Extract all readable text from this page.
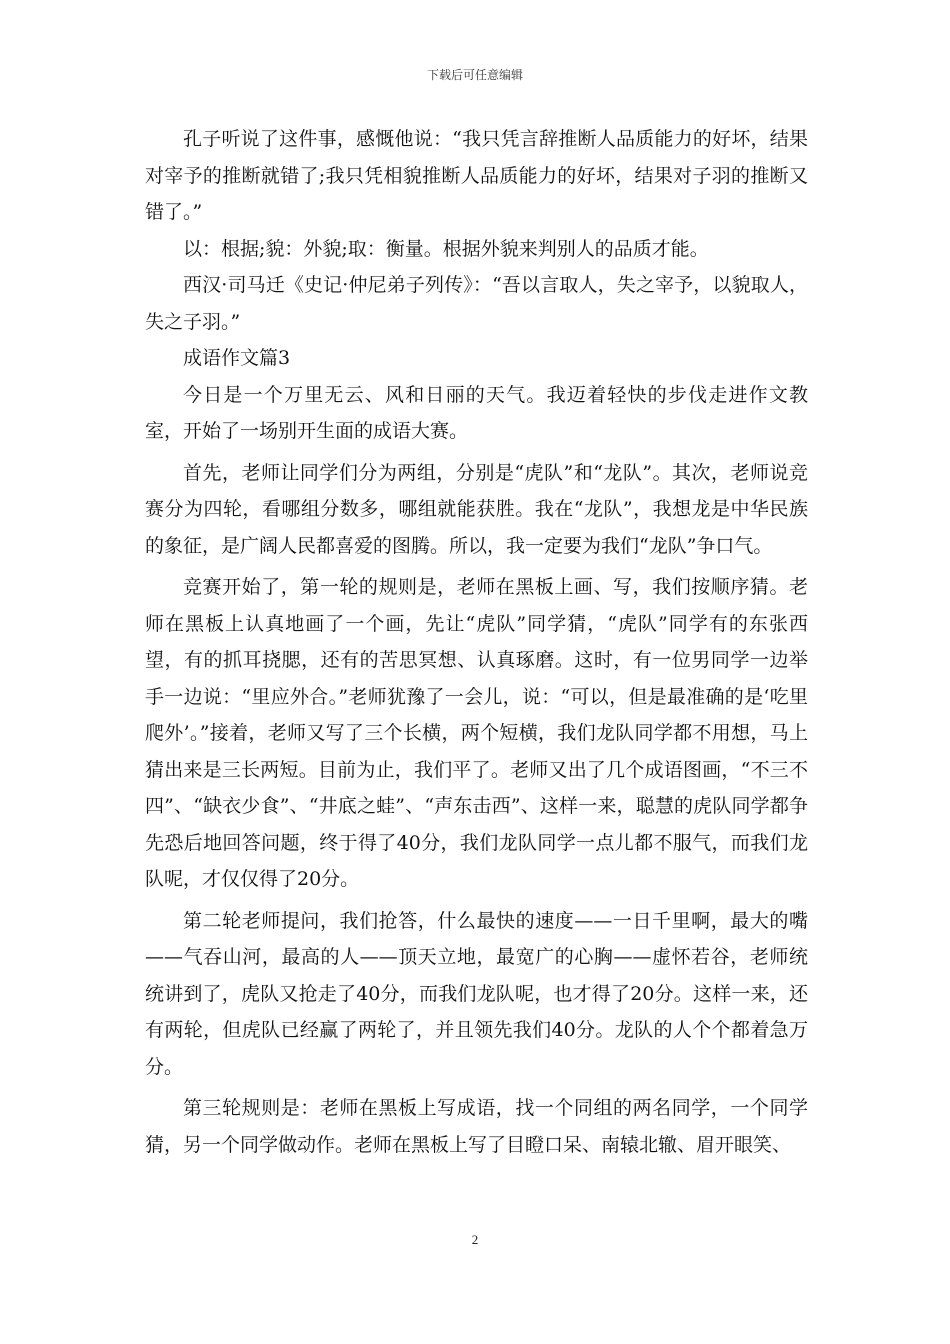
下载后可任意编辑

孔子听说了这件事，感慨他说：“我只凭言辞推断人品质能力的好坏，结果对宰予的推断就错了;我只凭相貌推断人品质能力的好坏，结果对子羽的推断又错了。”

以：根据;貌：外貌;取：衡量。根据外貌来判别人的品质才能。

西汉·司马迁《史记·仲尼弟子列传》：“吾以言取人，失之宰予，以貌取人，失之子羽。”

成语作文篇3

今日是一个万里无云、风和日丽的天气。我迈着轻快的步伐走进作文教室，开始了一场别开生面的成语大赛。

首先，老师让同学们分为两组，分别是“虎队”和“龙队”。其次，老师说竞赛分为四轮，看哪组分数多，哪组就能获胜。我在“龙队”，我想龙是中华民族的象征，是广阔人民都喜爱的图腾。所以，我一定要为我们“龙队”争口气。

竞赛开始了，第一轮的规则是，老师在黑板上画、写，我们按顺序猜。老师在黑板上认真地画了一个画，先让“虎队”同学猜，“虎队”同学有的东张西望，有的抓耳挠腮，还有的苦思冥想、认真琢磨。这时，有一位男同学一边举手一边说：“里应外合。”老师犹豫了一会儿，说：“可以，但是最准确的是‘吃里爬外’。”接着，老师又写了三个长横，两个短横，我们龙队同学都不用想，马上猜出来是三长两短。目前为止，我们平了。老师又出了几个成语图画，“不三不四”、“缺衣少食”、“井底之蛙”、“声东击西”、这样一来，聪慧的虎队同学都争先恐后地回答问题，终于得了40分，我们龙队同学一点儿都不服气，而我们龙队呢，才仅仅得了20分。

第二轮老师提问，我们抢答，什么最快的速度——一日千里啊，最大的嘴——气吞山河，最高的人——顶天立地，最宽广的心胸——虚怀若谷，老师统统讲到了，虎队又抢走了40分，而我们龙队呢，也才得了20分。这样一来，还有两轮，但虎队已经赢了两轮了，并且领先我们40分。龙队的人个个都着急万分。

第三轮规则是：老师在黑板上写成语，找一个同组的两名同学，一个同学猜，另一个同学做动作。老师在黑板上写了目瞪口呆、南辕北辙、眉开眼笑、

2
